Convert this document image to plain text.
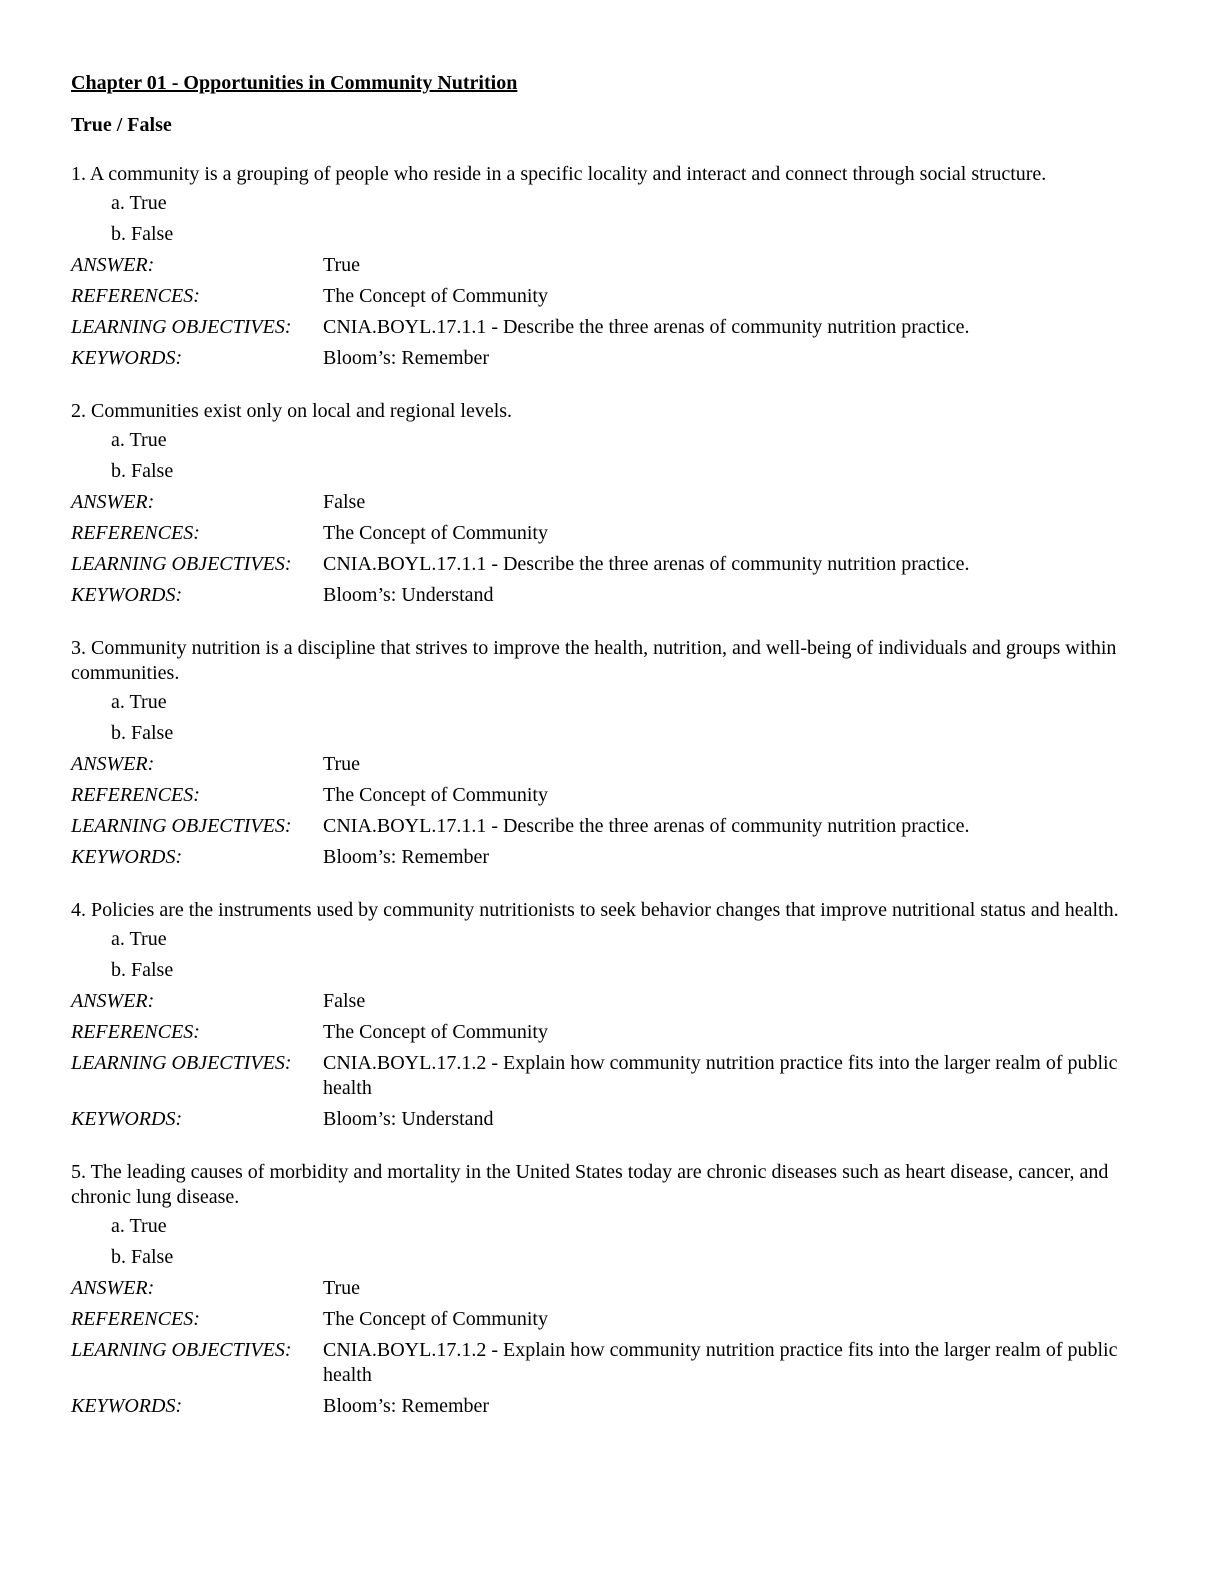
Chapter 01 - Opportunities in Community Nutrition
True / False

1. A community is a grouping of people who reside in a specific locality and interact and connect through social structure.

a. True
b. False
ANSWER:	True
REFERENCES:	The Concept of Community
LEARNING OBJECTIVES:	CNIA.BOYL.17.1.1 - Describe the three arenas of community nutrition practice.
KEYWORDS:	Bloom’s: Remember

2. Communities exist only on local and regional levels.

a. True
b. False
ANSWER:	False
REFERENCES:	The Concept of Community
LEARNING OBJECTIVES:	CNIA.BOYL.17.1.1 - Describe the three arenas of community nutrition practice.
KEYWORDS:	Bloom’s: Understand

3. Community nutrition is a discipline that strives to improve the health, nutrition, and well-being of individuals and groups within communities.

a. True
b. False
ANSWER:	True
REFERENCES:	The Concept of Community
LEARNING OBJECTIVES:	CNIA.BOYL.17.1.1 - Describe the three arenas of community nutrition practice.
KEYWORDS:	Bloom’s: Remember

4. Policies are the instruments used by community nutritionists to seek behavior changes that improve nutritional status and health.

a. True
b. False
ANSWER:	False
REFERENCES:	The Concept of Community
LEARNING OBJECTIVES:	CNIA.BOYL.17.1.2 - Explain how community nutrition practice fits into the larger realm of public health
KEYWORDS:	Bloom’s: Understand

5. The leading causes of morbidity and mortality in the United States today are chronic diseases such as heart disease, cancer, and chronic lung disease.

a. True
b. False
ANSWER:	True
REFERENCES:	The Concept of Community
LEARNING OBJECTIVES:	CNIA.BOYL.17.1.2 - Explain how community nutrition practice fits into the larger realm of public health
KEYWORDS:	Bloom’s: Remember
